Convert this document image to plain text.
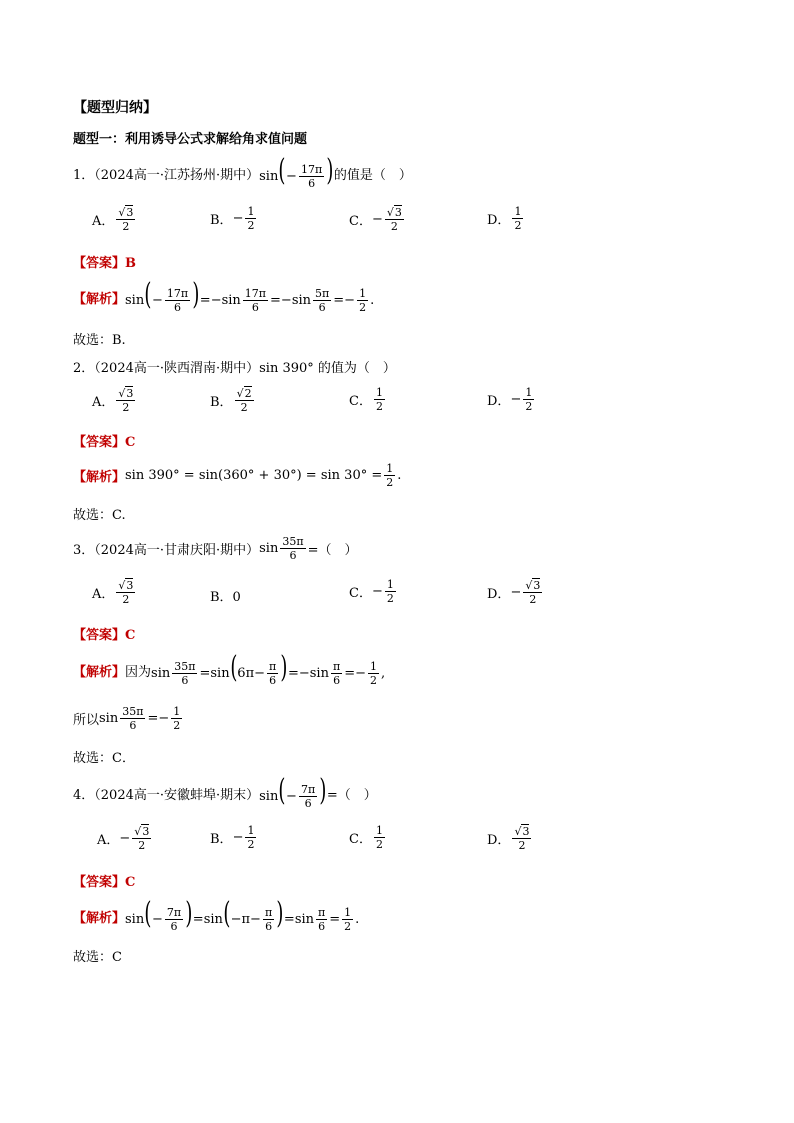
【题型归纳】
题型一：利用诱导公式求解给角求值问题
1．（2024高一·江苏扬州·期中） $\sin(- \frac{17\pi}{6}$ ) 的值是（　）
A． √ $\frac{3}{2}$	B． − $\frac{1}{2}$	C． − √ $\frac{3}{2}$	D． $\frac{1}{2}$
【答案】B
【解析】 $\sin(- \frac{17\pi}{6} )=-\sin \frac{17\pi}{6} =-\sin \frac{5\pi}{6} =- \frac{1}{2}$ .
故选：B.
2．（2024高一·陕西渭南·期中）sin 390° 的值为（　）
A． √ $\frac{3}{2}$	B． √ $\frac{2}{2}$	C． $\frac{1}{2}$	D． − $\frac{1}{2}$
【答案】C
【解析】 $\sin 390^\circ = \sin(360^\circ + 30^\circ) = \sin 30^\circ = \frac{1}{2}$ .
故选：C.
3．（2024高一·甘肃庆阳·期中） $\sin \frac{35\pi}{6}$ =（　）
A． √ $\frac{3}{2}$	B．0	C． − $\frac{1}{2}$	D． − √ $\frac{3}{2}$
【答案】C
【解析】 因为 $\sin \frac{35\pi}{6} =\sin(6\pi- \frac{\pi}{6} )=-\sin \frac{\pi}{6} =- \frac{1}{2}$ ,
所以 $\sin \frac{35\pi}{6} =- \frac{1}{2}$
故选：C．
4．（2024高一·安徽蚌埠·期末） $\sin(- \frac{7\pi}{6}$ ) =（　）
A． − √ $\frac{3}{2}$	B． − $\frac{1}{2}$	C． $\frac{1}{2}$	D． √ $\frac{3}{2}$
【答案】C
【解析】 $\sin(- \frac{7\pi}{6} )=\sin(-\pi- \frac{\pi}{6} )=\sin \frac{\pi}{6} = \frac{1}{2}$ .
故选：C
